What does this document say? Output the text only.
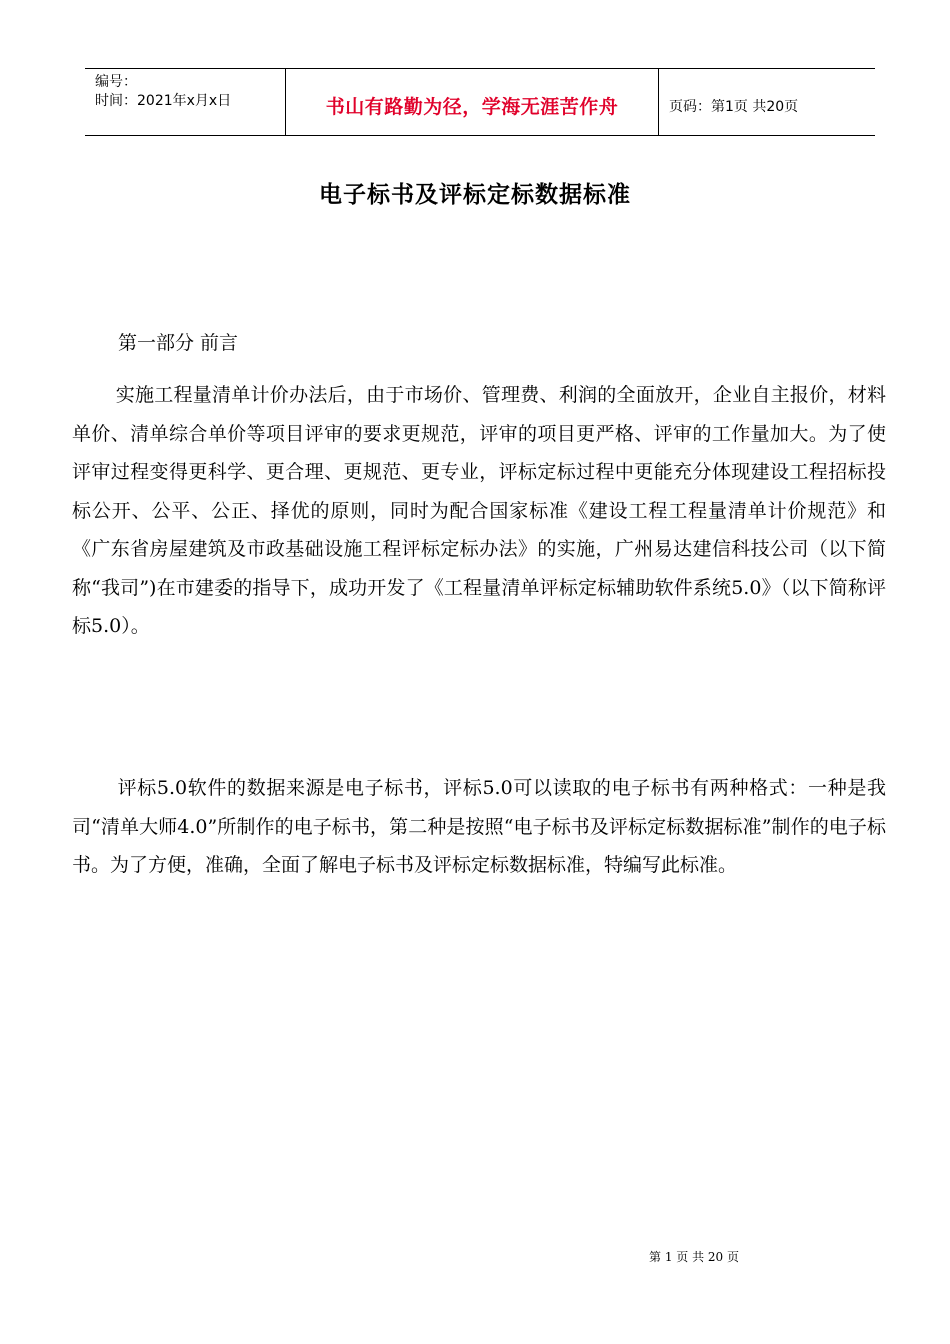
编号：
时间：2021年x月x日	书山有路勤为径，学海无涯苦作舟	页码：第1页 共20页
电子标书及评标定标数据标准
第一部分 前言

实施工程量清单计价办法后，由于市场价、管理费、利润的全面放开，企业自主报价，材料单价、清单综合单价等项目评审的要求更规范，评审的项目更严格、评审的工作量加大。为了使评审过程变得更科学、更合理、更规范、更专业，评标定标过程中更能充分体现建设工程招标投标公开、公平、公正、择优的原则，同时为配合国家标准《建设工程工程量清单计价规范》和《广东省房屋建筑及市政基础设施工程评标定标办法》的实施，广州易达建信科技公司（以下简称“我司”)在市建委的指导下，成功开发了《工程量清单评标定标辅助软件系统5.0》（以下简称评标5.0）。

评标5.0软件的数据来源是电子标书，评标5.0可以读取的电子标书有两种格式：一种是我司“清单大师4.0”所制作的电子标书，第二种是按照“电子标书及评标定标数据标准”制作的电子标书。为了方便，准确，全面了解电子标书及评标定标数据标准，特编写此标准。

第 1 页 共 20 页
